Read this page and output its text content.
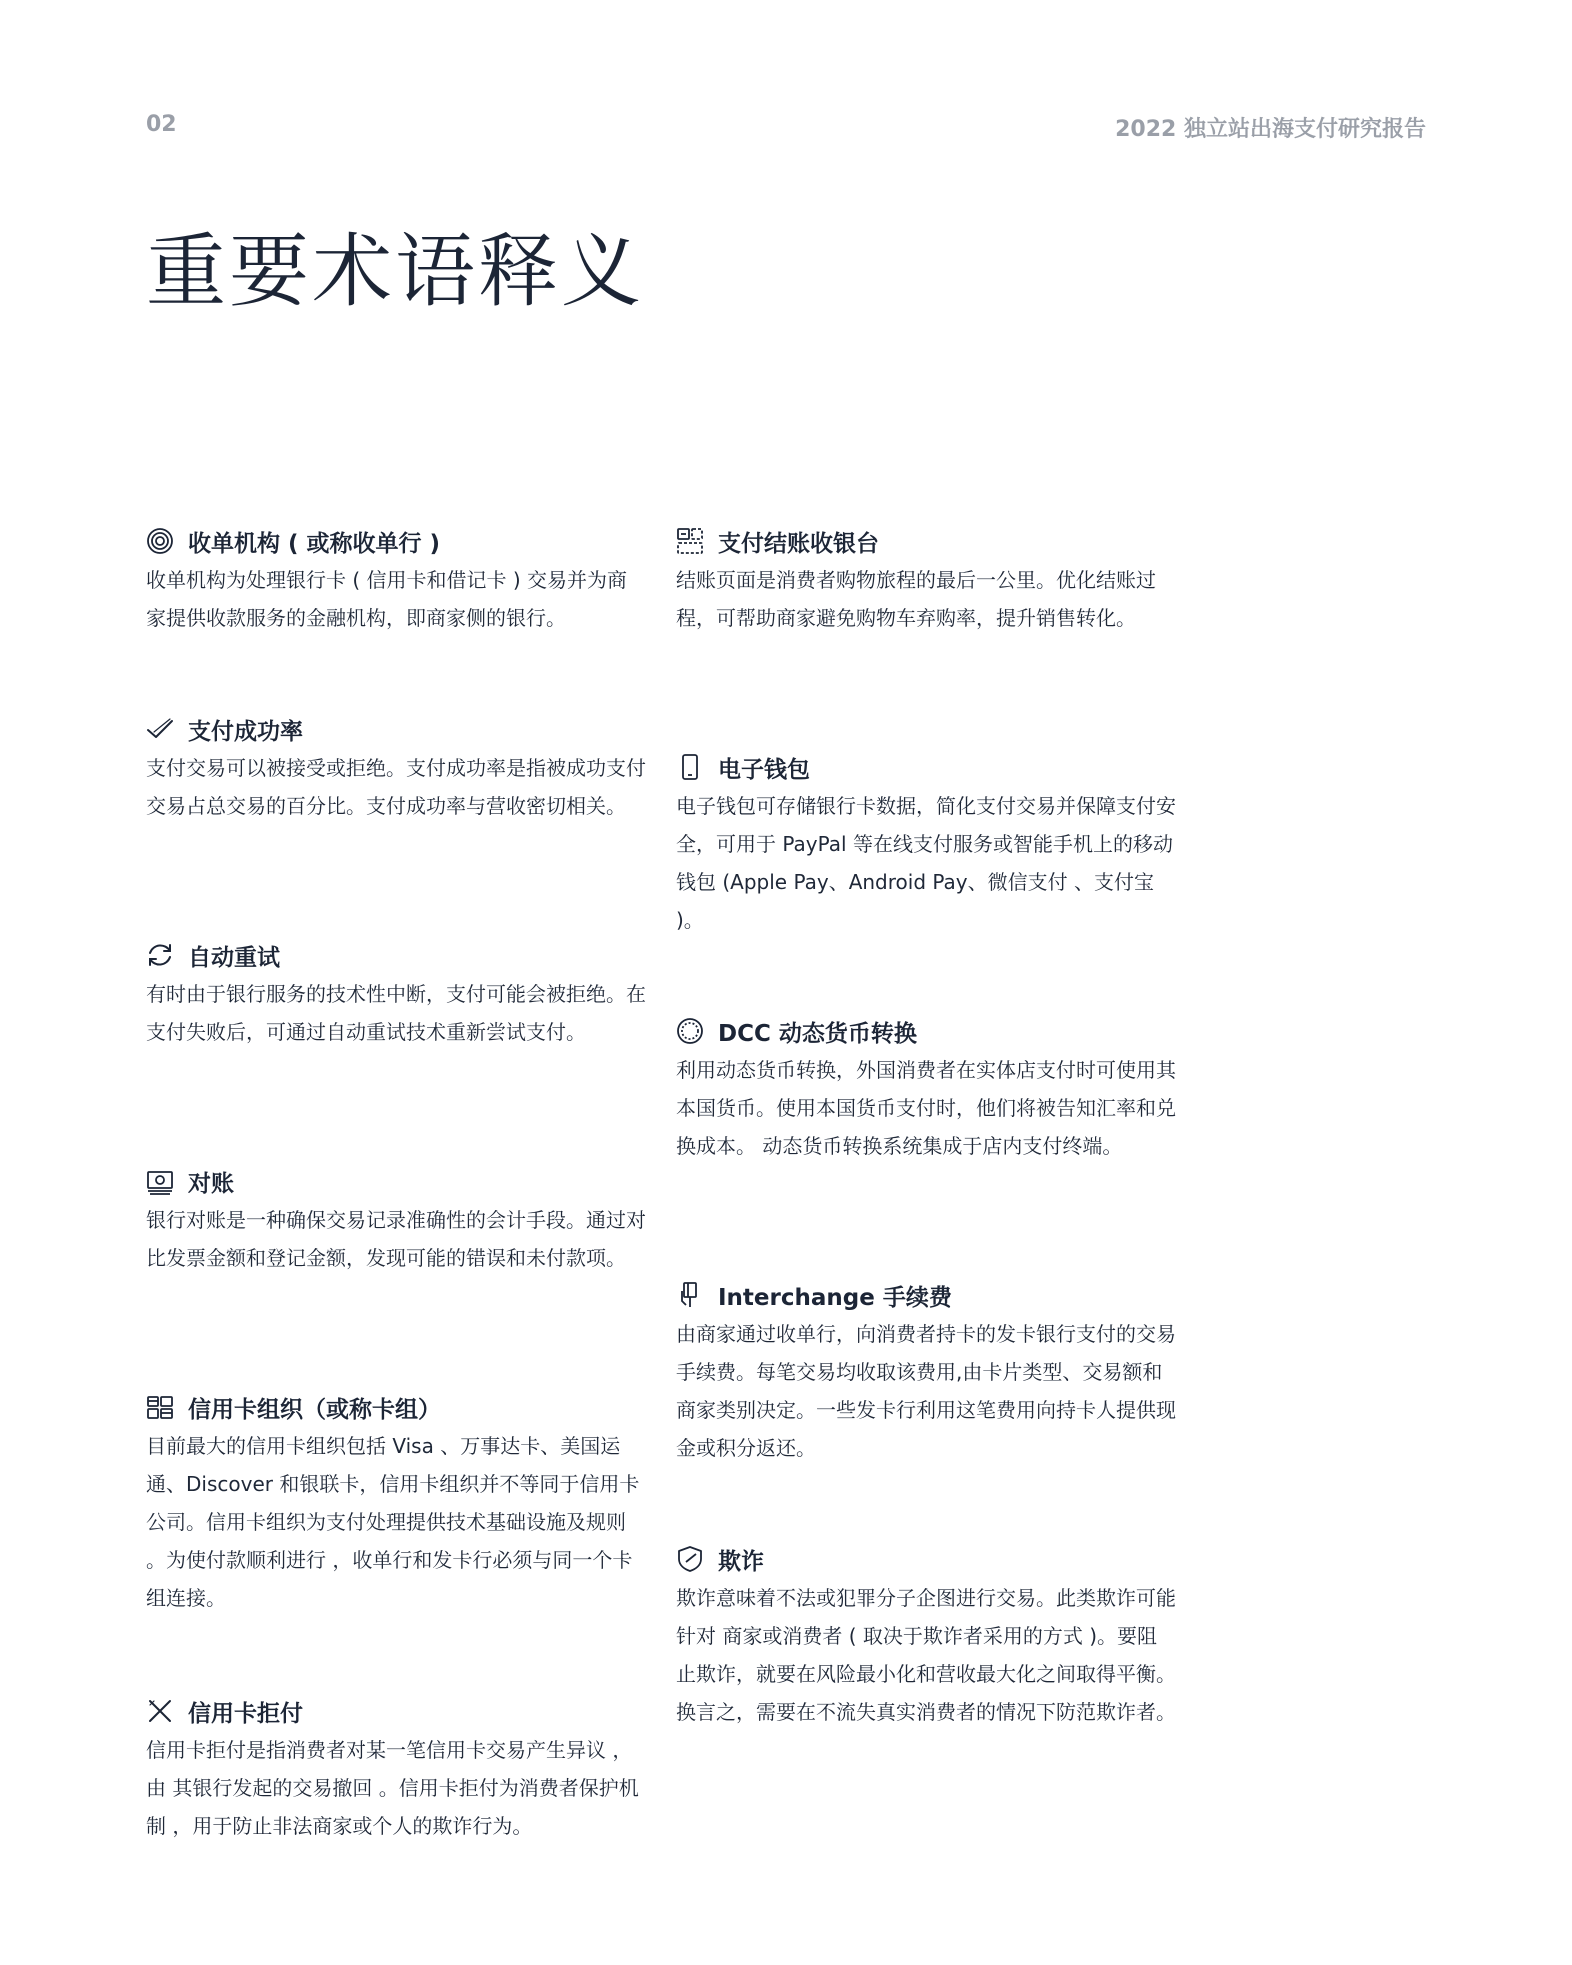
02	2022 独立站出海支付研究报告
重要术语释义
收单机构 ( 或称收单行 )

收单机构为处理银行卡 ( 信用卡和借记卡 ) 交易并为商家提供收款服务的金融机构，即商家侧的银行。

支付成功率

支付交易可以被接受或拒绝。支付成功率是指被成功支付交易占总交易的百分比。支付成功率与营收密切相关。

自动重试

有时由于银行服务的技术性中断，支付可能会被拒绝。在支付失败后，可通过自动重试技术重新尝试支付。

对账

银行对账是一种确保交易记录准确性的会计手段。通过对比发票金额和登记金额，发现可能的错误和未付款项。

信用卡组织（或称卡组）

目前最大的信用卡组织包括 Visa 、万事达卡、美国运通、Discover 和银联卡，信用卡组织并不等同于信用卡公司。信用卡组织为支付处理提供技术基础设施及规则 。为使付款顺利进行 ，收单行和发卡行必须与同一个卡组连接。

信用卡拒付

信用卡拒付是指消费者对某一笔信用卡交易产生异议 ，由 其银行发起的交易撤回 。信用卡拒付为消费者保护机制 ，用于防止非法商家或个人的欺诈行为。

支付结账收银台

结账页面是消费者购物旅程的最后一公里。优化结账过程，可帮助商家避免购物车弃购率，提升销售转化。

电子钱包

电子钱包可存储银行卡数据，简化支付交易并保障支付安全，可用于 PayPal 等在线支付服务或智能手机上的移动钱包 (Apple Pay、Android Pay、微信支付 、支付宝 )。

DCC 动态货币转换

利用动态货币转换，外国消费者在实体店支付时可使用其本国货币。使用本国货币支付时，他们将被告知汇率和兑换成本。 动态货币转换系统集成于店内支付终端。

Interchange 手续费

由商家通过收单行，向消费者持卡的发卡银行支付的交易手续费。每笔交易均收取该费用,由卡片类型、交易额和商家类别决定。一些发卡行利用这笔费用向持卡人提供现金或积分返还。

欺诈

欺诈意味着不法或犯罪分子企图进行交易。此类欺诈可能针对 商家或消费者 ( 取决于欺诈者采用的方式 )。要阻止欺诈，就要在风险最小化和营收最大化之间取得平衡。换言之，需要在不流失真实消费者的情况下防范欺诈者。
